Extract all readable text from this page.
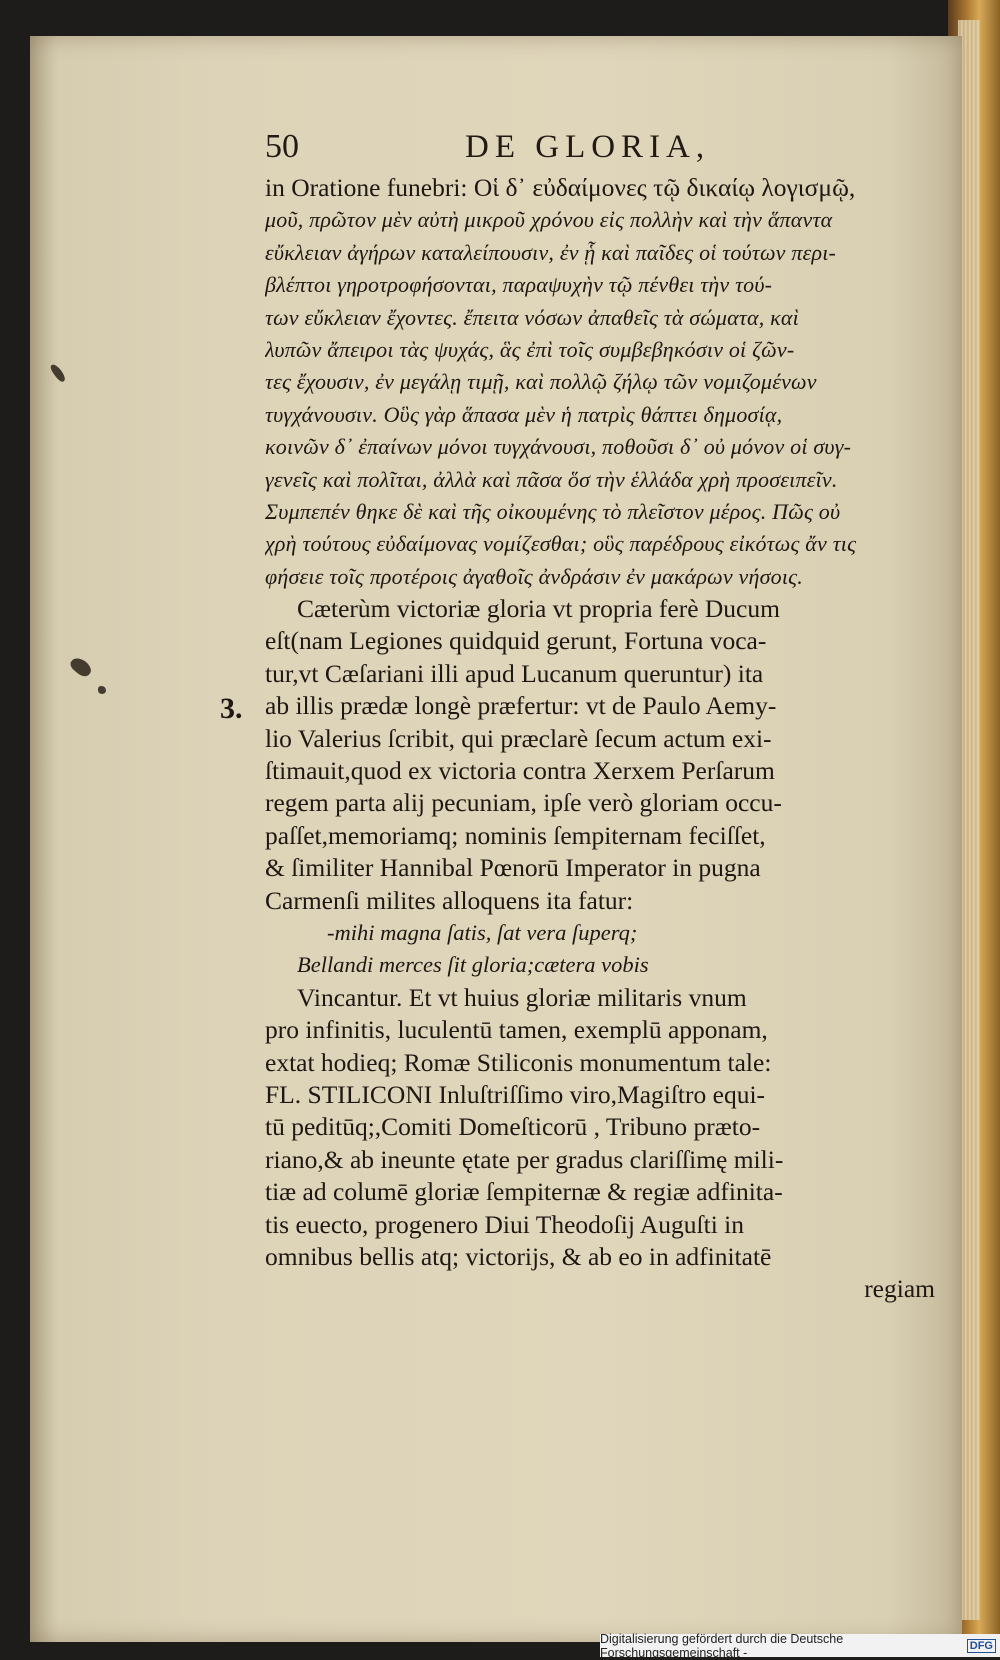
50	DE GLORIA,
3.
in Oratione funebri: Οἱ δ᾽ εὐδαίμονες τῷ δικαίῳ λογισμῷ,
μοῦ, πρῶτον μὲν αὐτὴ μικροῦ χρόνου εἰς πολλὴν καὶ τὴν ἅπαντα
εὔκλειαν ἀγήρων καταλείπουσιν, ἐν ᾗ καὶ παῖδες οἱ τούτων περι-
βλέπτοι γηροτροφήσονται, παραψυχὴν τῷ πένθει τὴν τού-
των εὔκλειαν ἔχοντες. ἔπειτα νόσων ἀπαθεῖς τὰ σώματα, καὶ
λυπῶν ἄπειροι τὰς ψυχάς, ἃς ἐπὶ τοῖς συμβεβηκόσιν οἱ ζῶν-
τες ἔχουσιν, ἐν μεγάλῃ τιμῇ, καὶ πολλῷ ζήλῳ τῶν νομιζομένων
τυγχάνουσιν. Οὓς γὰρ ἅπασα μὲν ἡ πατρὶς θάπτει δημοσίᾳ,
κοινῶν δ᾽ ἐπαίνων μόνοι τυγχάνουσι, ποθοῦσι δ᾽ οὐ μόνον οἱ συγ-
γενεῖς καὶ πολῖται, ἀλλὰ καὶ πᾶσα ὅσ τὴν ἑλλάδα χρὴ προσειπεῖν.
Συμπεπέν θηκε δὲ καὶ τῆς οἰκουμένης τὸ πλεῖστον μέρος. Πῶς οὐ
χρὴ τούτους εὐδαίμονας νομίζεσθαι; οὓς παρέδρους εἰκότως ἄν τις
φήσειε τοῖς προτέροις ἀγαθοῖς ἀνδράσιν ἐν μακάρων νήσοις.
Cæterùm victoriæ gloria vt propria ferè Ducum
eſt(nam Legiones quidquid gerunt, Fortuna voca-
tur,vt Cæſariani illi apud Lucanum queruntur) ita
ab illis prædæ longè præfertur: vt de Paulo Aemy-
lio Valerius ſcribit, qui præclarè ſecum actum exi-
ſtimauit,quod ex victoria contra Xerxem Perſarum
regem parta alij pecuniam, ipſe verò gloriam occu-
paſſet,memoriamq; nominis ſempiternam feciſſet,
& ſimiliter Hannibal Pœnorū Imperator in pugna
Carmenſi milites alloquens ita fatur:
-mihi magna ſatis, ſat vera ſuperq;
Bellandi merces ſit gloria;cætera vobis
Vincantur. Et vt huius gloriæ militaris vnum
pro infinitis, luculentū tamen, exemplū apponam,
extat hodieq; Romæ Stiliconis monumentum tale:
FL. STILICONI Inluſtriſſimo viro,Magiſtro equi-
tū peditūq;,Comiti Domeſticorū , Tribuno præto-
riano,& ab ineunte ętate per gradus clariſſimę mili-
tiæ ad columē gloriæ ſempiternæ & regiæ adfinita-
tis euecto, progenero Diui Theodoſij Auguſti in
omnibus bellis atq; victorijs, & ab eo in adfinitatē
regiam
Digitalisierung gefördert durch die Deutsche Forschungsgemeinschaft -	DFG
